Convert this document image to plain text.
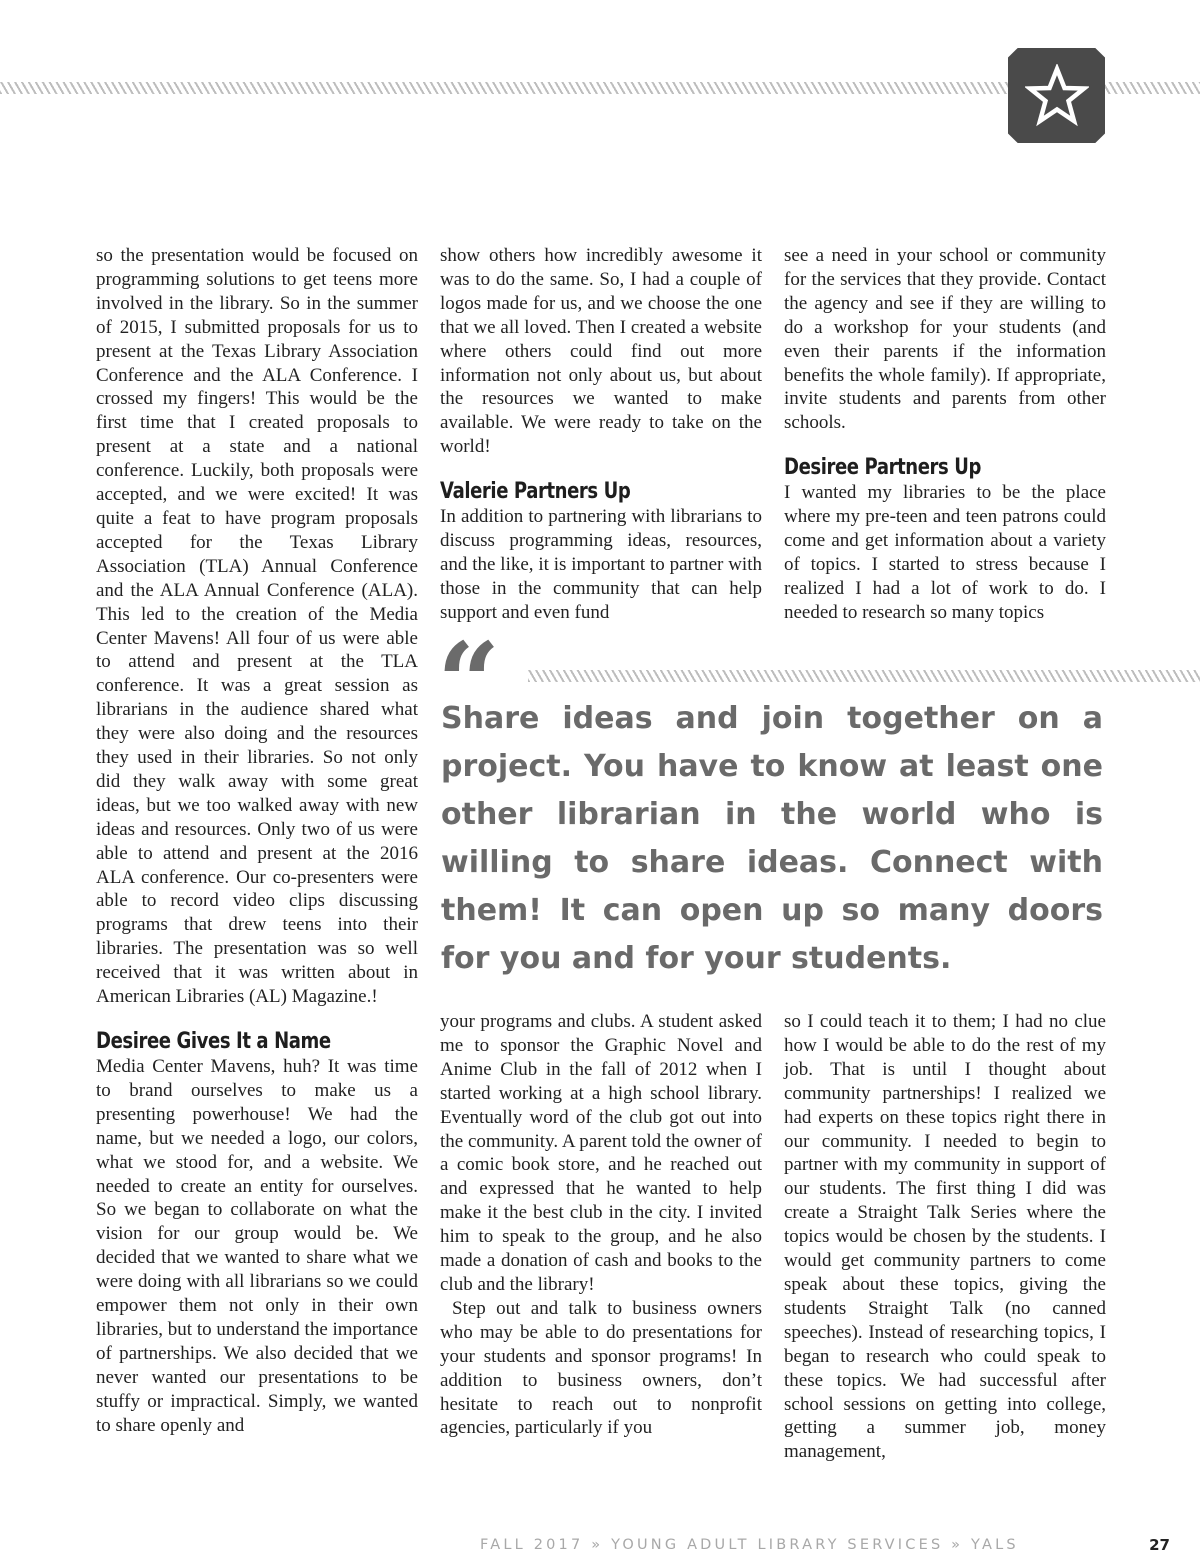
so the presentation would be focused on programming solutions to get teens more involved in the library. So in the summer of 2015, I submitted proposals for us to present at the Texas Library Association Conference and the ALA Conference. I crossed my fingers! This would be the first time that I created proposals to present at a state and a national conference. Luckily, both proposals were accepted, and we were excited! It was quite a feat to have program proposals accepted for the Texas Library Association (TLA) Annual Conference and the ALA Annual Conference (ALA). This led to the creation of the Media Center Mavens! All four of us were able to attend and present at the TLA conference. It was a great session as librarians in the audience shared what they were also doing and the resources they used in their libraries. So not only did they walk away with some great ideas, but we too walked away with new ideas and resources. Only two of us were able to attend and present at the 2016 ALA conference. Our co-presenters were able to record video clips discussing programs that drew teens into their libraries. The presentation was so well received that it was written about in American Libraries (AL) Magazine.!

Desiree Gives It a Name

Media Center Mavens, huh? It was time to brand ourselves to make us a presenting powerhouse! We had the name, but we needed a logo, our colors, what we stood for, and a website. We needed to create an entity for ourselves. So we began to collaborate on what the vision for our group would be. We decided that we wanted to share what we were doing with all librarians so we could empower them not only in their own libraries, but to understand the importance of partnerships. We also decided that we never wanted our presentations to be stuffy or impractical. Simply, we wanted to share openly and

show others how incredibly awesome it was to do the same. So, I had a couple of logos made for us, and we choose the one that we all loved. Then I created a website where others could find out more information not only about us, but about the resources we wanted to make available. We were ready to take on the world!

Valerie Partners Up

In addition to partnering with librarians to discuss programming ideas, resources, and the like, it is important to partner with those in the community that can help support and even fund

see a need in your school or community for the services that they provide. Contact the agency and see if they are willing to do a workshop for your students (and even their parents if the information benefits the whole family). If appropriate, invite students and parents from other schools.

Desiree Partners Up

I wanted my libraries to be the place where my pre-teen and teen patrons could come and get information about a variety of topics. I started to stress because I realized I had a lot of work to do. I needed to research so many topics

“

Share ideas and join together on a project. You have to know at least one other librarian in the world who is willing to share ideas. Connect with them! It can open up so many doors for you and for your students.

your programs and clubs. A student asked me to sponsor the Graphic Novel and Anime Club in the fall of 2012 when I started working at a high school library. Eventually word of the club got out into the community. A parent told the owner of a comic book store, and he reached out and expressed that he wanted to help make it the best club in the city. I invited him to speak to the group, and he also made a donation of cash and books to the club and the library!

Step out and talk to business owners who may be able to do presentations for your students and sponsor programs! In addition to business owners, don’t hesitate to reach out to nonprofit agencies, particularly if you

so I could teach it to them; I had no clue how I would be able to do the rest of my job. That is until I thought about community partnerships! I realized we had experts on these topics right there in our community. I needed to begin to partner with my community in support of our students. The first thing I did was create a Straight Talk Series where the topics would be chosen by the students. I would get community partners to come speak about these topics, giving the students Straight Talk (no canned speeches). Instead of researching topics, I began to research who could speak to these topics. We had successful after school sessions on getting into college, getting a summer job, money management,

FALL 2017 » YOUNG ADULT LIBRARY SERVICES » YALS	27
